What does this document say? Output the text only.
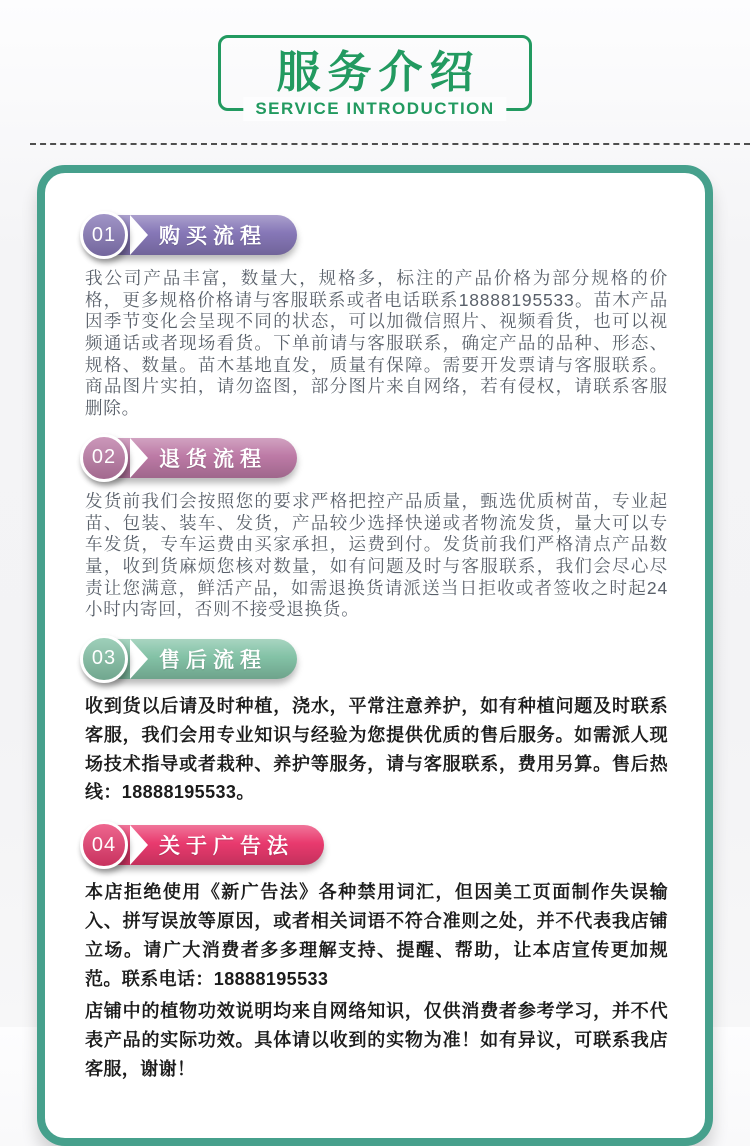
服务介绍
SERVICE INTRODUCTION
01 购买流程

我公司产品丰富，数量大，规格多，标注的产品价格为部分规格的价格，更多规格价格请与客服联系或者电话联系18888195533。苗木产品因季节变化会呈现不同的状态，可以加微信照片、视频看货，也可以视频通话或者现场看货。下单前请与客服联系，确定产品的品种、形态、规格、数量。苗木基地直发，质量有保障。需要开发票请与客服联系。商品图片实拍，请勿盗图，部分图片来自网络，若有侵权，请联系客服删除。

02 退货流程

发货前我们会按照您的要求严格把控产品质量，甄选优质树苗，专业起苗、包装、装车、发货，产品较少选择快递或者物流发货，量大可以专车发货，专车运费由买家承担，运费到付。发货前我们严格清点产品数量，收到货麻烦您核对数量，如有问题及时与客服联系，我们会尽心尽责让您满意，鲜活产品，如需退换货请派送当日拒收或者签收之时起24小时内寄回，否则不接受退换货。

03 售后流程

收到货以后请及时种植，浇水，平常注意养护，如有种植问题及时联系客服，我们会用专业知识与经验为您提供优质的售后服务。如需派人现场技术指导或者栽种、养护等服务，请与客服联系，费用另算。售后热线：18888195533。

04 关于广告法

本店拒绝使用《新广告法》各种禁用词汇，但因美工页面制作失误输入、拼写误放等原因，或者相关词语不符合准则之处，并不代表我店铺立场。请广大消费者多多理解支持、提醒、帮助，让本店宣传更加规范。联系电话：18888195533

店铺中的植物功效说明均来自网络知识，仅供消费者参考学习，并不代表产品的实际功效。具体请以收到的实物为准！如有异议，可联系我店客服，谢谢！
